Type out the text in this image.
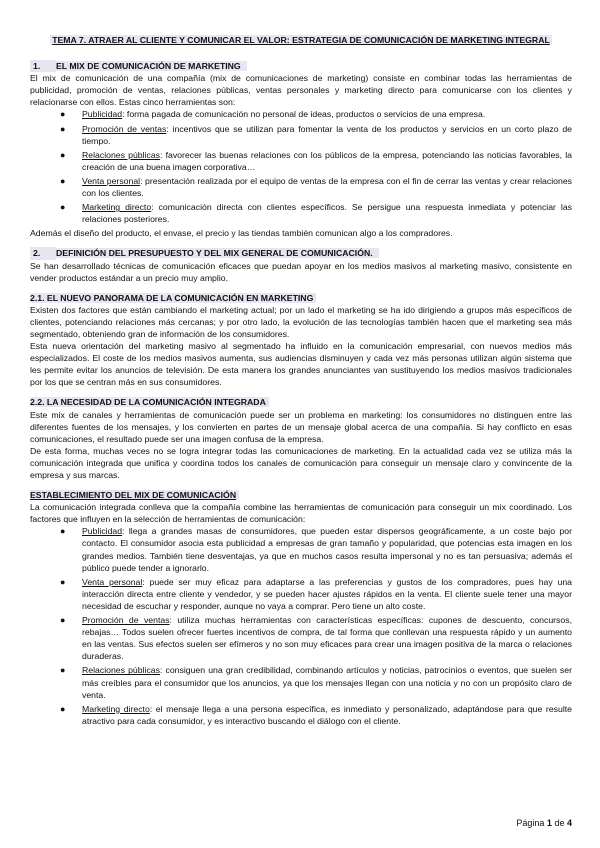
TEMA 7. ATRAER AL CLIENTE Y COMUNICAR EL VALOR: ESTRATEGIA DE COMUNICACIÓN DE MARKETING INTEGRAL
1. EL MIX DE COMUNICACIÓN DE MARKETING

El mix de comunicación de una compañía (mix de comunicaciones de marketing) consiste en combinar todas las herramientas de publicidad, promoción de ventas, relaciones públicas, ventas personales y marketing directo para comunicarse con los clientes y relacionarse con ellos. Estas cinco herramientas son:

● Publicidad: forma pagada de comunicación no personal de ideas, productos o servicios de una empresa.
● Promoción de ventas: incentivos que se utilizan para fomentar la venta de los productos y servicios en un corto plazo de tiempo.
● Relaciones públicas: favorecer las buenas relaciones con los públicos de la empresa, potenciando las noticias favorables, la creación de una buena imagen corporativa…
● Venta personal: presentación realizada por el equipo de ventas de la empresa con el fin de cerrar las ventas y crear relaciones con los clientes.
● Marketing directo: comunicación directa con clientes específicos. Se persigue una respuesta inmediata y potenciar las relaciones posteriores.

Además el diseño del producto, el envase, el precio y las tiendas también comunican algo a los compradores.

2. DEFINICIÓN DEL PRESUPUESTO Y DEL MIX GENERAL DE COMUNICACIÓN.

Se han desarrollado técnicas de comunicación eficaces que puedan apoyar en los medios masivos al marketing masivo, consistente en vender productos estándar a un precio muy amplio.

2.1. EL NUEVO PANORAMA DE LA COMUNICACIÓN EN MARKETING

Existen dos factores que están cambiando el marketing actual; por un lado el marketing se ha ido dirigiendo a grupos más específicos de clientes, potenciando relaciones más cercanas; y por otro lado, la evolución de las tecnologías también hacen que el marketing sea más segmentado, obteniendo gran de información de los consumidores.

Esta nueva orientación del marketing masivo al segmentado ha influido en la comunicación empresarial, con nuevos medios más especializados. El coste de los medios masivos aumenta, sus audiencias disminuyen y cada vez más personas utilizan algún sistema que les permite evitar los anuncios de televisión. De esta manera los grandes anunciantes van sustituyendo los medios masivos tradicionales por los que se centran más en sus consumidores.

2.2. LA NECESIDAD DE LA COMUNICACIÓN INTEGRADA

Este mix de canales y herramientas de comunicación puede ser un problema en marketing: los consumidores no distinguen entre las diferentes fuentes de los mensajes, y los convierten en partes de un mensaje global acerca de una compañía. Si hay conflicto en esas comunicaciones, el resultado puede ser una imagen confusa de la empresa.

De esta forma, muchas veces no se logra integrar todas las comunicaciones de marketing. En la actualidad cada vez se utiliza más la comunicación integrada que unifica y coordina todos los canales de comunicación para conseguir un mensaje claro y convincente de la empresa y sus marcas.

ESTABLECIMIENTO DEL MIX DE COMUNICACIÓN

La comunicación integrada conlleva que la compañía combine las herramientas de comunicación para conseguir un mix coordinado. Los factores que influyen en la selección de herramientas de comunicación:

● Publicidad: llega a grandes masas de consumidores, que pueden estar dispersos geográficamente, a un coste bajo por contacto. El consumidor asocia esta publicidad a empresas de gran tamaño y popularidad, que potencias esta imagen en los grandes medios. También tiene desventajas, ya que en muchos casos resulta impersonal y no es tan persuasiva; además el público puede tender a ignorarlo.
● Venta personal: puede ser muy eficaz para adaptarse a las preferencias y gustos de los compradores, pues hay una interacción directa entre cliente y vendedor, y se pueden hacer ajustes rápidos en la venta. El cliente suele tener una mayor necesidad de escuchar y responder, aunque no vaya a comprar. Pero tiene un alto coste.
● Promoción de ventas: utiliza muchas herramientas con características específicas: cupones de descuento, concursos, rebajas… Todos suelen ofrecer fuertes incentivos de compra, de tal forma que conllevan una respuesta rápido y un aumento en las ventas. Sus efectos suelen ser efímeros y no son muy eficaces para crear una imagen positiva de la marca o relaciones duraderas.
● Relaciones públicas: consiguen una gran credibilidad, combinando artículos y noticias, patrocinios o eventos, que suelen ser más creíbles para el consumidor que los anuncios, ya que los mensajes llegan con una noticia y no con un propósito claro de venta.
● Marketing directo: el mensaje llega a una persona específica, es inmediato y personalizado, adaptándose para que resulte atractivo para cada consumidor, y es interactivo buscando el diálogo con el cliente.
Página 1 de 4
